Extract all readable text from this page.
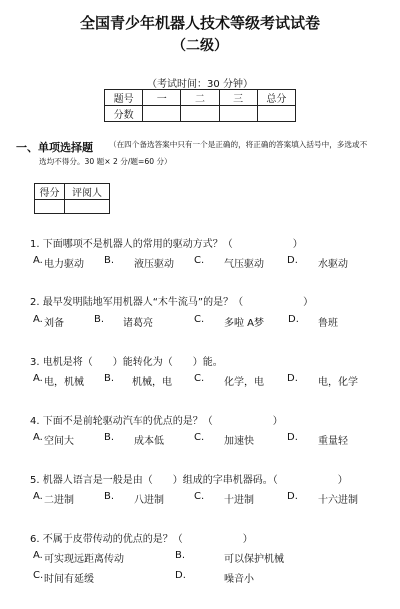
全国青少年机器人技术等级考试试卷
（二级）
（考试时间：30 分钟）
题号	一	二	三	总分
分数				
一、 单项选择题 （在四个备选答案中只有一个是正确的，将正确的答案填入括号中，多选或不
选均不得分。30 题× 2 分/题=60 分）
得分	评阅人

1. 下面哪项不是机器人的常用的驱动方式？（　　　　　　）
A. 电力驱动 B. 液压驱动 C. 气压驱动 D. 水驱动
2. 最早发明陆地军用机器人“木牛流马”的是？（　　　　　　）
A. 刘备	B. 诸葛亮	C. 多啦 A梦 D. 鲁班
3. 电机是将（　　）能转化为（　　）能。
A. 电，机械 B. 机械，电 C. 化学，电 D. 电，化学
4. 下面不是前轮驱动汽车的优点的是？（　　　　　　）
A. 空间大	B. 成本低	C. 加速快	D. 重量轻
5. 机器人语言是一般是由（　　）组成的字串机器码。（　　　　　　）
A. 二进制	B. 八进制	C. 十进制	D. 十六进制
6. 不属于皮带传动的优点的是？（　　　　　　）
A. 可实现远距离传动	B.	可以保护机械
C. 时间有延缓	D.	噪音小
